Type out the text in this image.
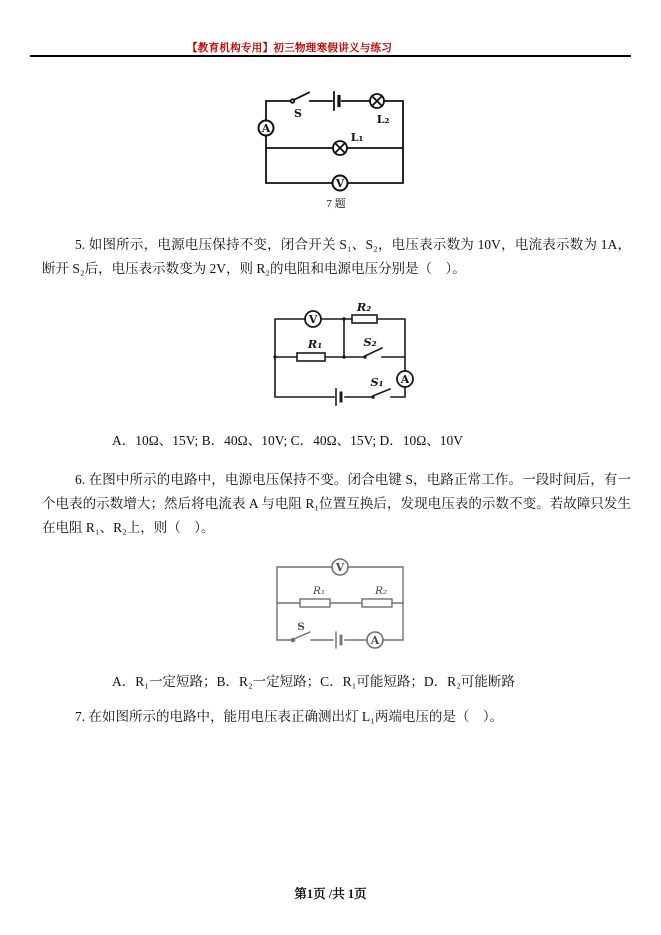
【教育机构专用】初三物理寒假讲义与练习
A
V
S	L₂
L₁
7 题

5. 如图所示，电源电压保持不变，闭合开关 S₁、S₂，电压表示数为 10V，电流表示数为 1A，断开 S₂后，电压表示数变为 2V，则 R₂的电阻和电源电压分别是（　）。

V
A
R₂
R₁	S₂
S₁
A．10Ω、15V; B．40Ω、10V; C．40Ω、15V; D．10Ω、10V

6. 在图中所示的电路中，电源电压保持不变。闭合电键 S，电路正常工作。一段时间后，有一个电表的示数增大；然后将电流表 A 与电阻 R₁位置互换后，发现电压表的示数不变。若故障只发生在电阻 R₁、R₂上，则（　）。

V
A
R₁	R₂
S
A．R₁一定短路；B．R₂一定短路；C．R₁可能短路；D．R₂可能断路

7. 在如图所示的电路中，能用电压表正确测出灯 L₁两端电压的是（　）。

第1页 /共 1页
